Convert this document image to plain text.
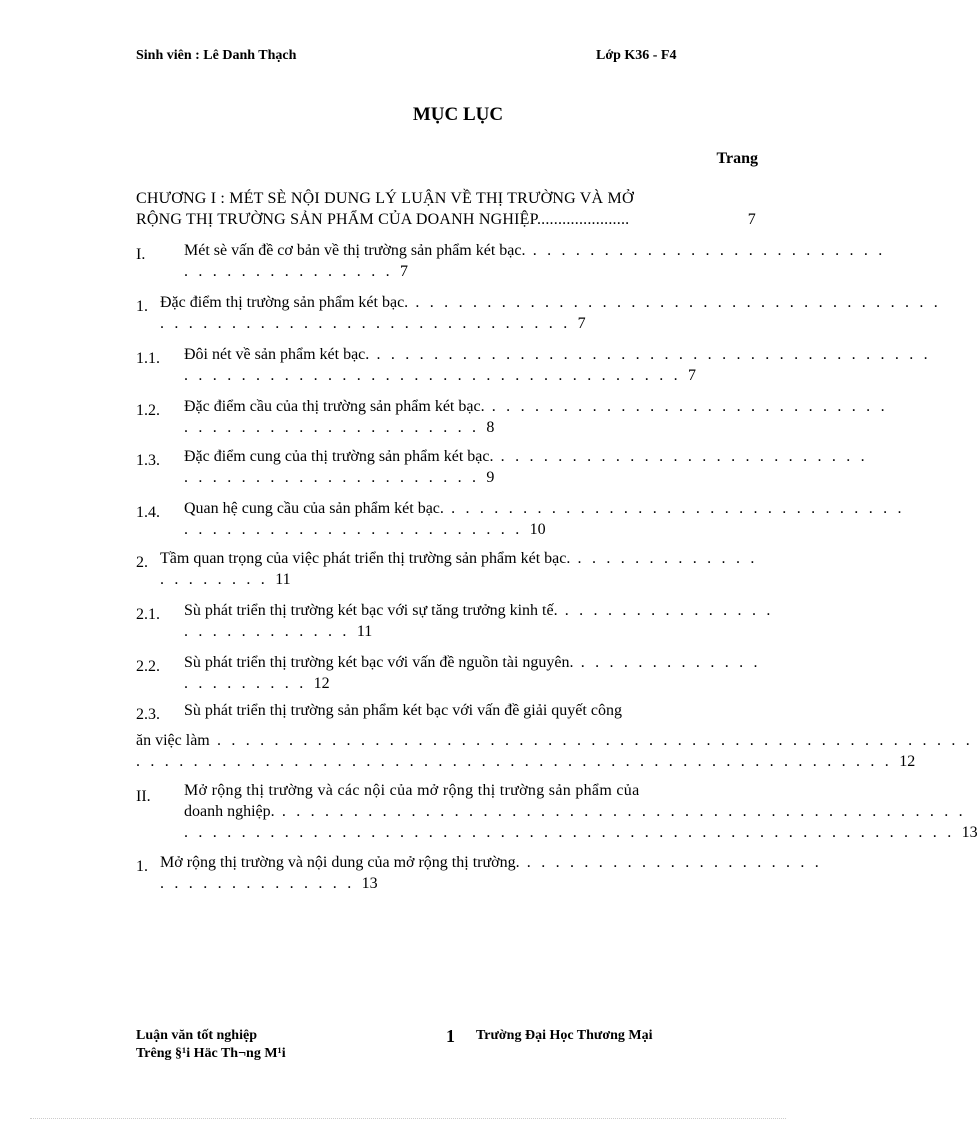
Sinh viên : Lê Danh Thạch	Lớp K36 - F4
MỤC LỤC
Trang
CHƯƠNG I : MÉT SÈ NỘI DUNG LÝ LUẬN VỀ THỊ TRƯỜNG VÀ MỞ
RỘNG THỊ TRƯỜNG SẢN PHẨM CỦA DOANH NGHIỆP......................	7
I. Mét sè vấn đề cơ bản về thị trường sản phẩm két bạc. . . . . . . . . . . . . . . . . . . . . . . . . .
. . . . . . . . . . . . . . . 7
1. Đặc điểm thị trường sản phẩm két bạc. . . . . . . . . . . . . . . . . . . . . . . . . . . . . . . . . . . . . .
. . . . . . . . . . . . . . . . . . . . . . . . . . . . . 7
1.1. Đôi nét về sản phẩm két bạc. . . . . . . . . . . . . . . . . . . . . . . . . . . . . . . . . . . . . . . .
. . . . . . . . . . . . . . . . . . . . . . . . . . . . . . . . . . . 7
1.2. Đặc điểm cầu của thị trường sản phẩm két bạc. . . . . . . . . . . . . . . . . . . . . . . . . . . . .
. . . . . . . . . . . . . . . . . . . . . 8
1.3. Đặc điểm cung của thị trường sản phẩm két bạc. . . . . . . . . . . . . . . . . . . . . . . . . . .
. . . . . . . . . . . . . . . . . . . . . 9
1.4. Quan hệ cung cầu của sản phẩm két bạc. . . . . . . . . . . . . . . . . . . . . . . . . . . . . . . . .
. . . . . . . . . . . . . . . . . . . . . . . . 10
2. Tầm quan trọng của việc phát triển thị trường sản phẩm két bạc. . . . . . . . . . . . . .
. . . . . . . . 11
2.1. Sù phát triển thị trường két bạc với sự tăng trưởng kinh tế. . . . . . . . . . . . . . . .
. . . . . . . . . . . . 11
2.2. Sù phát triển thị trường két bạc với vấn đề nguồn tài nguyên. . . . . . . . . . . . . .
. . . . . . . . . 12
2.3. Sù phát triển thị trường sản phẩm két bạc với vấn đề giải quyết công
ăn việc làm . . . . . . . . . . . . . . . . . . . . . . . . . . . . . . . . . . . . . . . . . . . . . . . . . . . . .
. . . . . . . . . . . . . . . . . . . . . . . . . . . . . . . . . . . . . . . . . . . . . . . . . . . . . 12
II. Mở rộng thị trường và các nội của mở rộng thị trường sản phẩm của
doanh nghiệp. . . . . . . . . . . . . . . . . . . . . . . . . . . . . . . . . . . . . . . . . . . . . . . . .
. . . . . . . . . . . . . . . . . . . . . . . . . . . . . . . . . . . . . . . . . . . . . . . . . . . . . . 13
1. Mở rộng thị trường và nội dung của mở rộng thị trường. . . . . . . . . . . . . . . . . . . . . .
. . . . . . . . . . . . . . 13
Luận văn tốt nghiệp
Trêng §¹i Häc Th¬ng M¹i
1 Trường Đại Học Thương Mại
